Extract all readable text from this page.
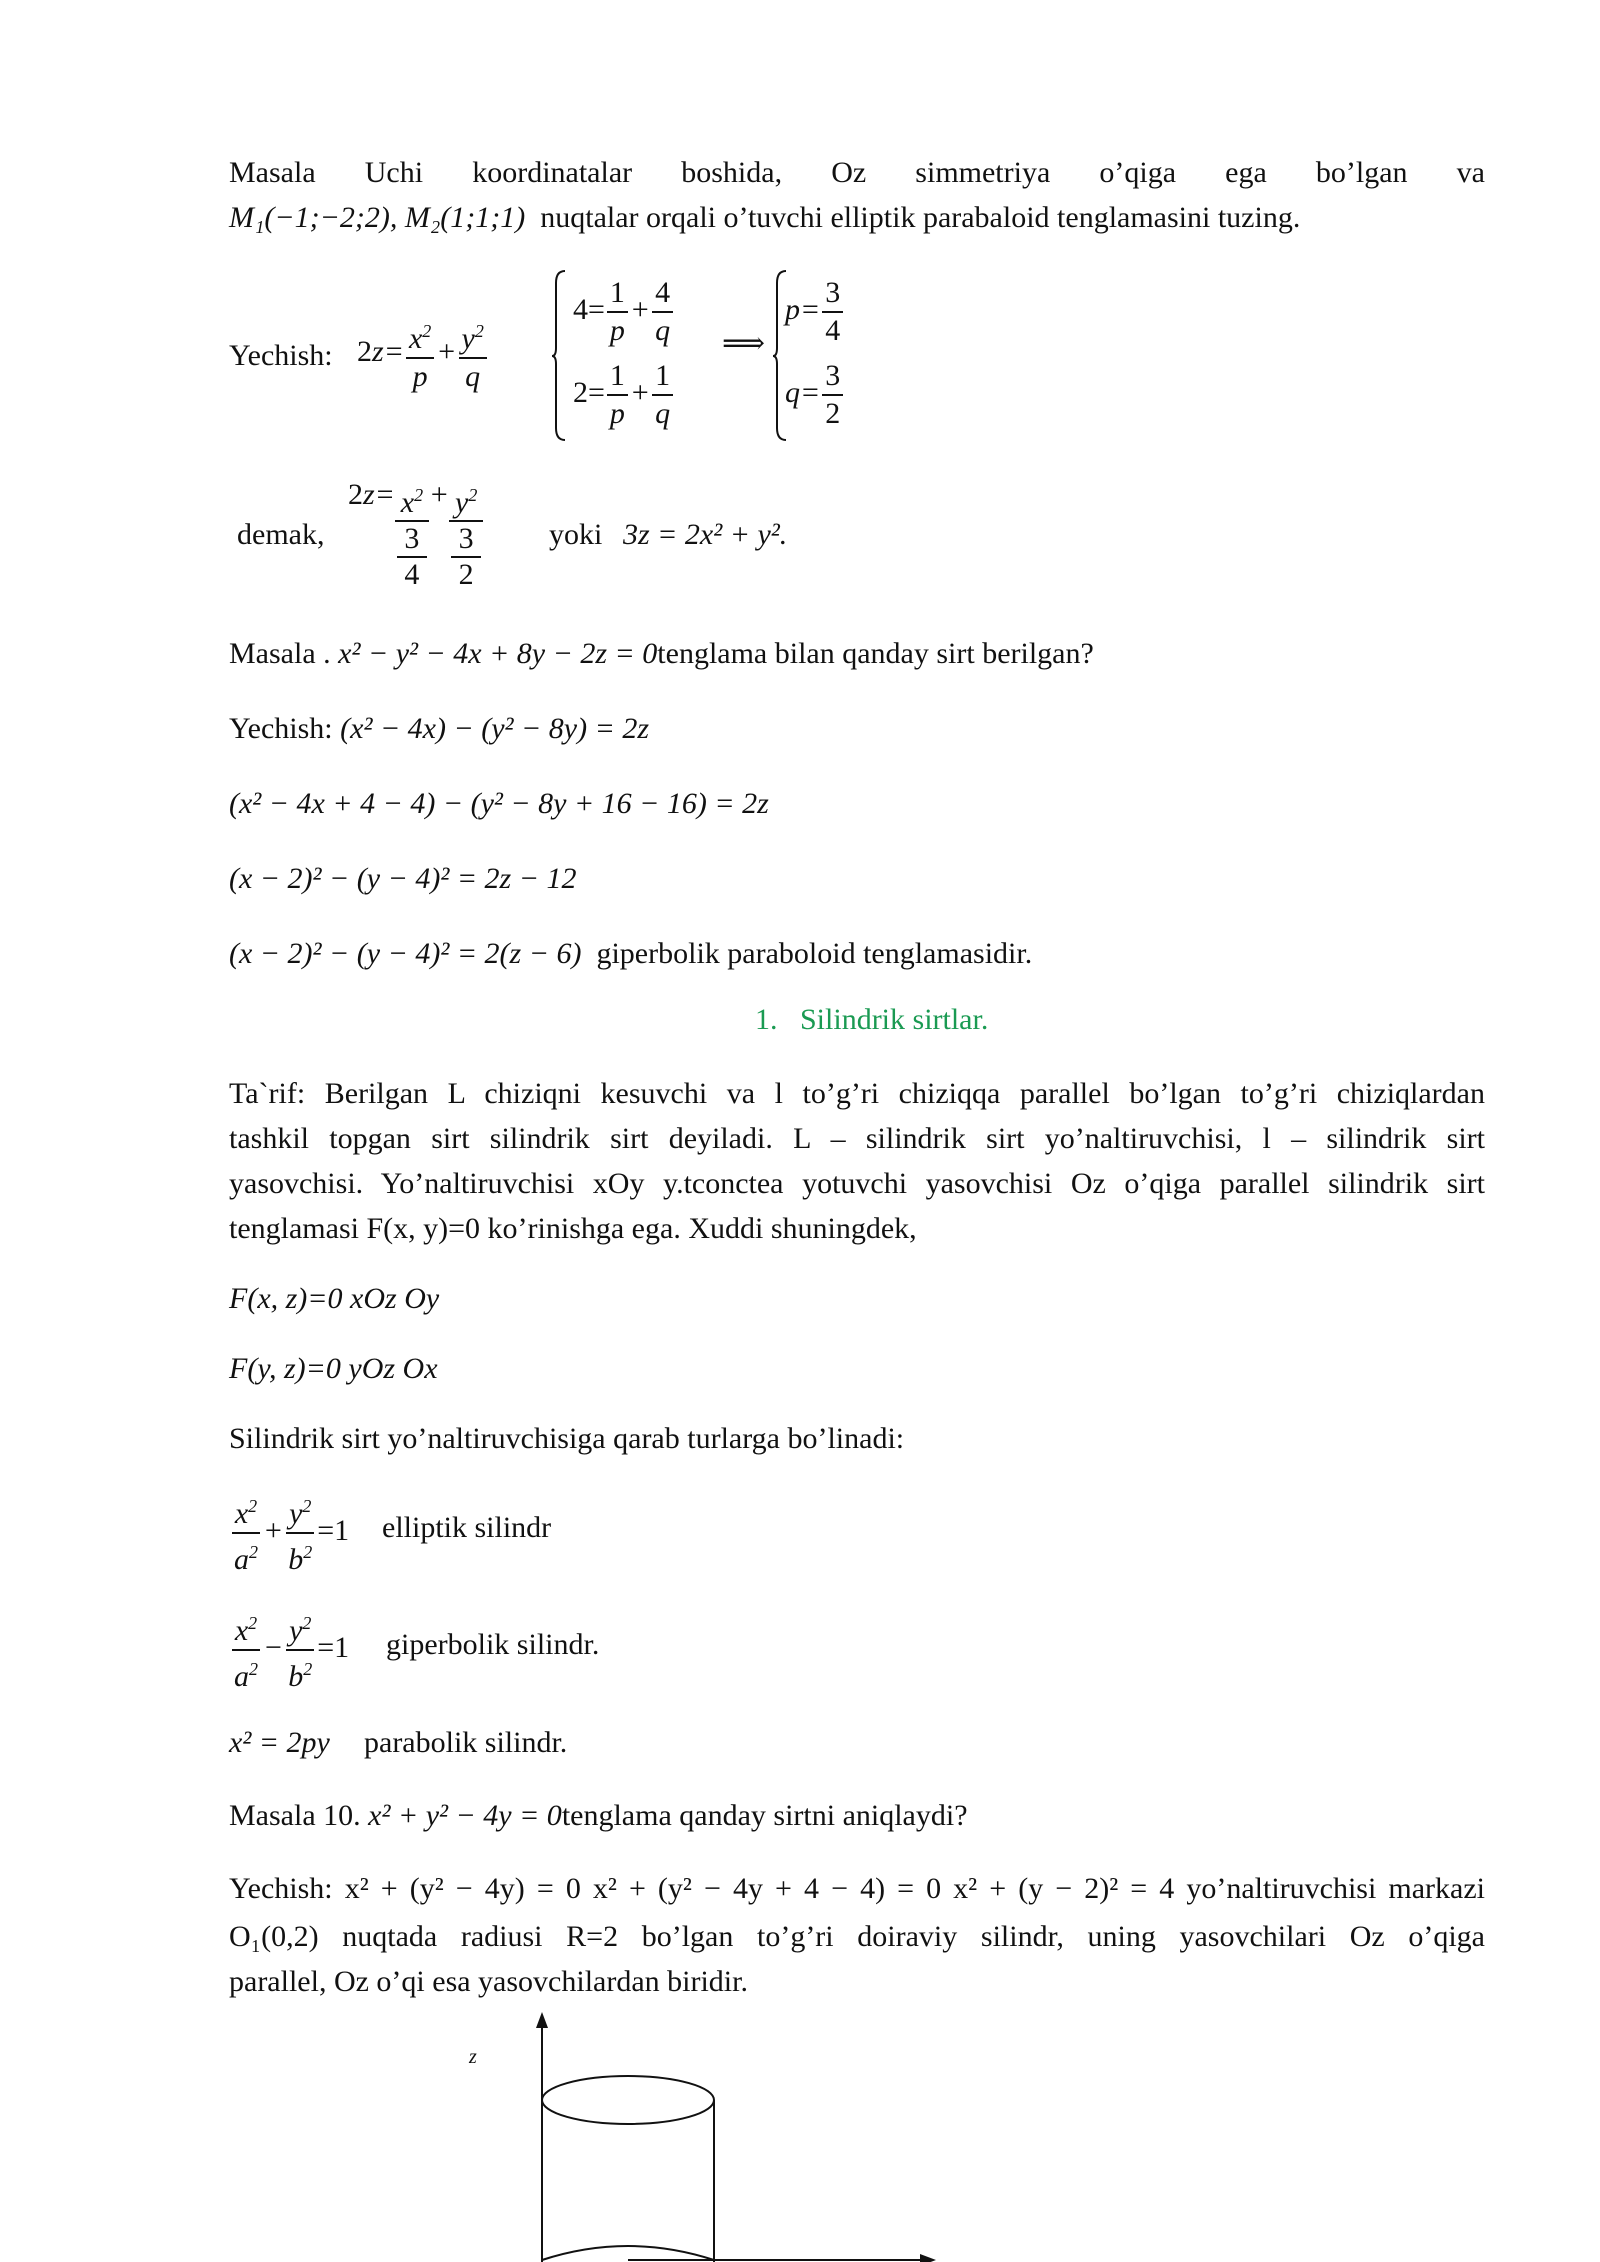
Masala Uchi koordinatalar boshida, Oz simmetriya o’qiga ega bo’lgan va
M₁(−1;−2;2), M₂(1;1;1) nuqtalar orqali o’tuvchi elliptik parabaloid tenglamasini tuzing.
Yechish: $2z= \frac{x^2}{p} + \frac{y^2}{q}$
$4= \frac{1}{p} + \frac{4}{q}$
$2= \frac{1}{p} + \frac{1}{q}$
⟹
$p= \frac{3}{4}$
$q= \frac{3}{2}$
demak,
$2z= x^2$
3
4
+ $y^2$
3
2
yoki 3z = 2x² + y².
Masala . x² − y² − 4x + 8y − 2z = 0tenglama bilan qanday sirt berilgan?
Yechish: (x² − 4x) − (y² − 8y) = 2z
(x² − 4x + 4 − 4) − (y² − 8y + 16 − 16) = 2z
(x − 2)² − (y − 4)² = 2z − 12
(x − 2)² − (y − 4)² = 2(z − 6) giperbolik paraboloid tenglamasidir.
1. Silindrik sirtlar.
Ta`rif: Berilgan L chiziqni kesuvchi va l to’g’ri chiziqqa parallel bo’lgan to’g’ri chiziqlardan
tashkil topgan sirt silindrik sirt deyiladi. L – silindrik sirt yo’naltiruvchisi, l – silindrik sirt
yasovchisi. Yo’naltiruvchisi xOy y.tconctea yotuvchi yasovchisi Oz o’qiga parallel silindrik sirt
tenglamasi F(x, y)=0 ko’rinishga ega. Xuddi shuningdek,
F(x, z)=0 xOz Oy
F(y, z)=0 yOz Ox
Silindrik sirt yo’naltiruvchisiga qarab turlarga bo’linadi:
$\frac{x^2}{a^2} + \frac{y^2}{b^2} =1$ elliptik silindr
$\frac{x^2}{a^2} - \frac{y^2}{b^2} =1$ giperbolik silindr.
x² = 2py parabolik silindr.
Masala 10. x² + y² − 4y = 0tenglama qanday sirtni aniqlaydi?
Yechish: x² + (y² − 4y) = 0 x² + (y² − 4y + 4 − 4) = 0 x² + (y − 2)² = 4 yo’naltiruvchisi markazi
O₁(0,2) nuqtada radiusi R=2 bo’lgan to’g’ri doiraviy silindr, uning yasovchilari Oz o’qiga
parallel, Oz o’qi esa yasovchilardan biridir.
z
